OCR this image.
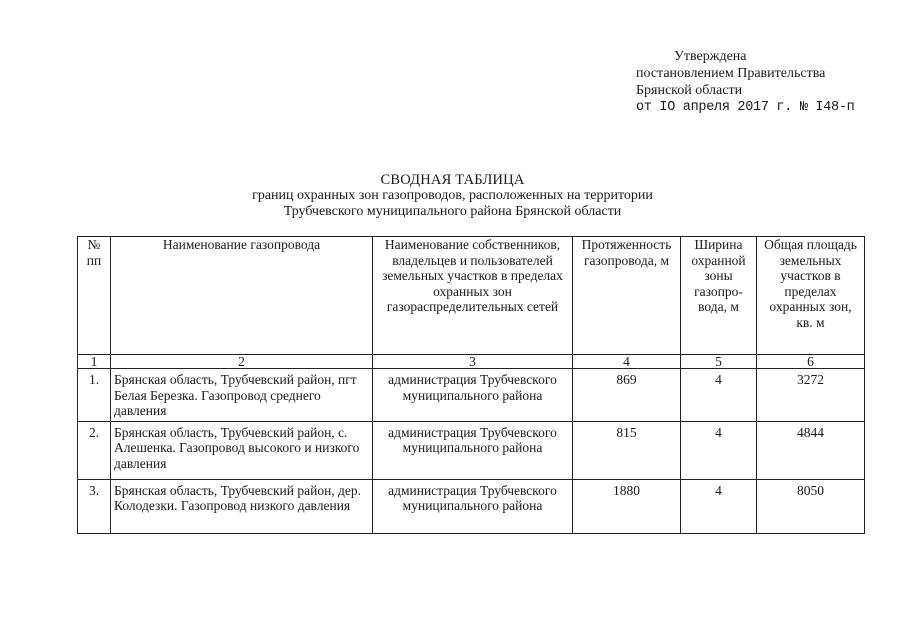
Утверждена
постановлением Правительства
Брянской области
от IO апреля 2017 г. № I48-п
СВОДНАЯ ТАБЛИЦА
границ охранных зон газопроводов, расположенных на территории
Трубчевского муниципального района Брянской области
№ пп	Наименование газопровода	Наименование собственников, владельцев и пользователей земельных участков в пределах охранных зон газораспределительных сетей	Протяженность газопровода, м	Ширина охранной зоны газопро-вода, м	Общая площадь земельных участков в пределах охранных зон, кв. м
1	2	3	4	5	6
1.	Брянская область, Трубчевский район, пгт Белая Березка. Газопровод среднего давления	администрация Трубчевского муниципального района	869	4	3272
2.	Брянская область, Трубчевский район, с. Алешенка. Газопровод высокого и низкого давления	администрация Трубчевского муниципального района	815	4	4844
3.	Брянская область, Трубчевский район, дер. Колодезки. Газопровод низкого давления	администрация Трубчевского муниципального района	1880	4	8050
